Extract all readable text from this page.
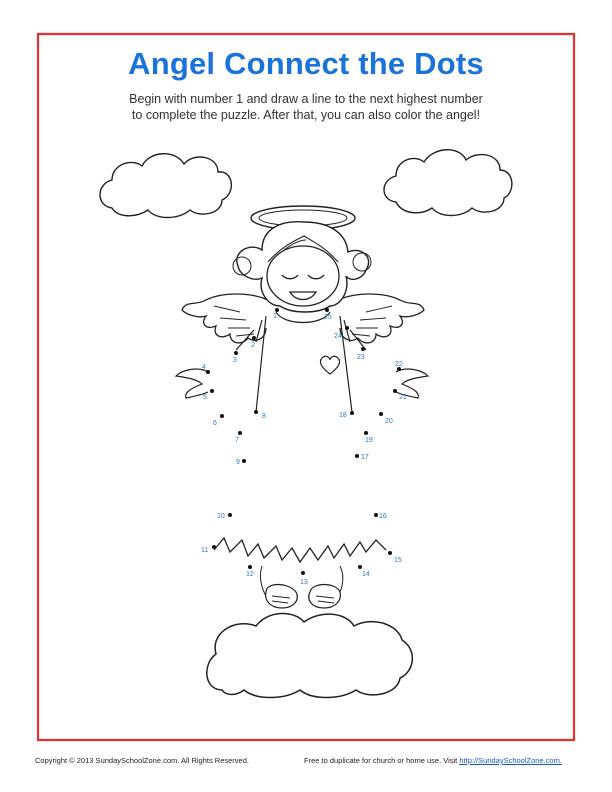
1
2
3
4
5
6
7
8
9
10
11
12
13
14
15
16
17
18
19
20
21
22
23
24
25
Angel Connect the Dots
Begin with number 1 and draw a line to the next highest number
to complete the puzzle. After that, you can also color the angel!
Copyright © 2013 SundaySchoolZone.com. All Rights Reserved.	Free to duplicate for church or home use. Visit http://SundaySchoolZone.com.
